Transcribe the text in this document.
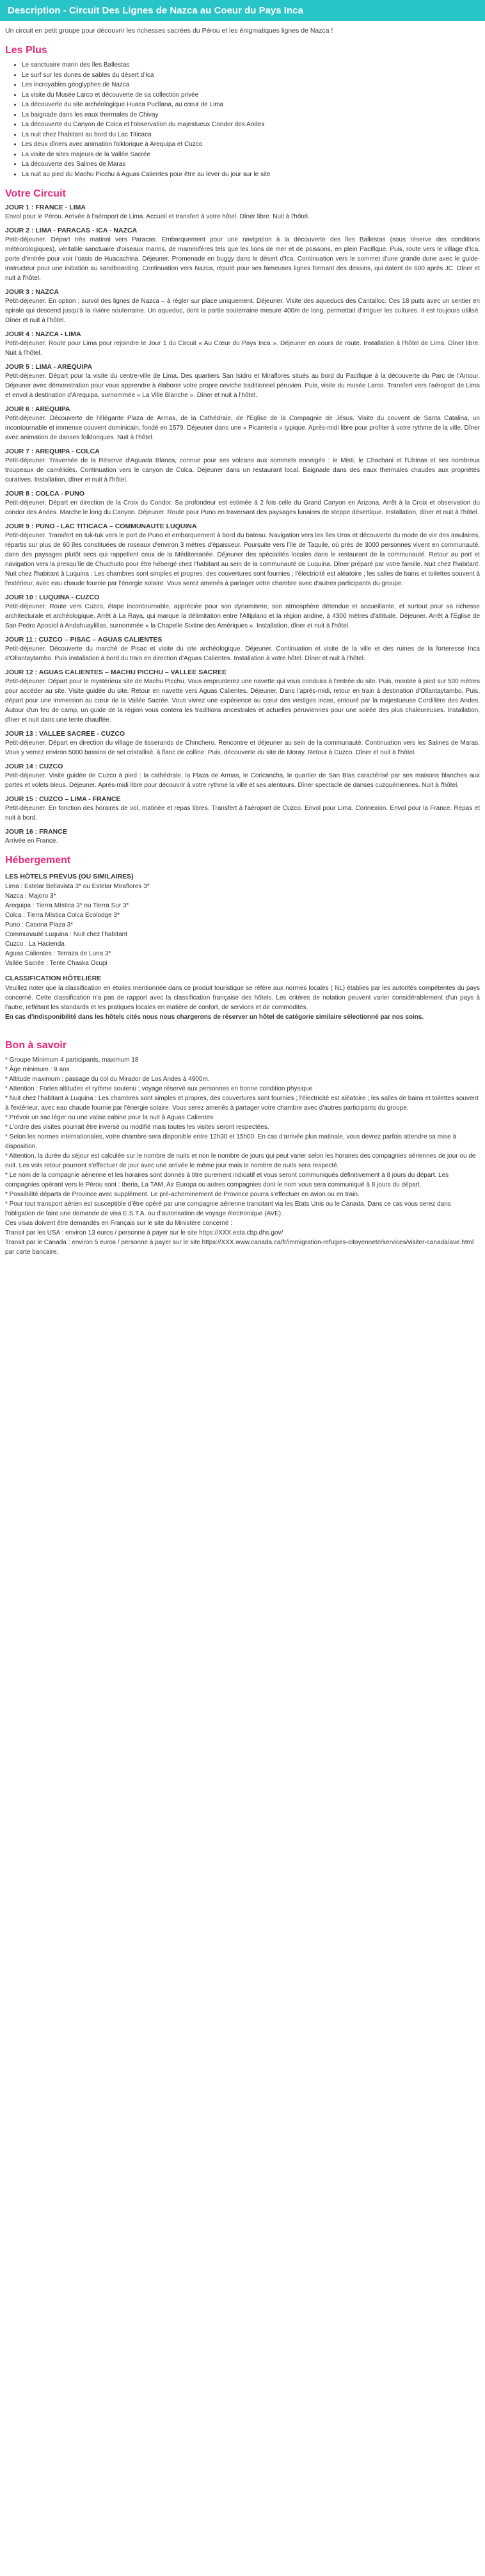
Description - Circuit Des Lignes de Nazca au Coeur du Pays Inca

Un circuit en petit groupe pour découvrir les richesses sacrées du Pérou et les énigmatiques lignes de Nazca !

Les Plus
• Le sanctuaire marin des îles Ballestas
• Le surf sur les dunes de sables du désert d'Ica
• Les incroyables géoglyphes de Nazca
• La visite du Musée Larco et découverte de sa collection privée
• La découverte du site archéologique Huaca Pucllana, au cœur de Lima
• La baignade dans les eaux thermales de Chivay
• La découverte du Canyon de Colca et l'observation du majestueux Condor des Andes
• La nuit chez l'habitant au bord du Lac Titicaca
• Les deux dîners avec animation folklorique à Arequipa et Cuzco
• La visite de sites majeurs de la Vallée Sacrée
• La découverte des Salines de Maras
• La nuit au pied du Machu Picchu à Aguas Calientes pour être au lever du jour sur le site
Votre Circuit
JOUR 1 : FRANCE - LIMA

Envol pour le Pérou. Arrivée à l'aéroport de Lima. Accueil et transfert à votre hôtel. Dîner libre. Nuit à l'hôtel.

JOUR 2 : LIMA - PARACAS - ICA - NAZCA

Petit-déjeuner. Départ très matinal vers Paracas. Embarquement pour une navigation à la découverte des îles Ballestas (sous réserve des conditions météorologiques), véritable sanctuaire d'oiseaux marins, de mammifères tels que les lions de mer et de poissons, en plein Pacifique. Puis, route vers le village d'Ica, porte d'entrée pour voir l'oasis de Huacachina. Déjeuner. Promenade en buggy dans le désert d'Ica. Continuation vers le sommet d'une grande dune avec le guide-instructeur pour une initiation au sandboarding. Continuation vers Nazca, réputé pour ses fameuses lignes formant des dessins, qui datent de 600 après JC. Dîner et nuit à l'hôtel.

JOUR 3 : NAZCA

Petit-déjeuner. En option : survol des lignes de Nazca – à régler sur place uniquement. Déjeuner. Visite des aqueducs des Cantalloc. Ces 18 puits avec un sentier en spirale qui descend jusqu'à la rivière souterraine. Un aqueduc, dont la partie souterraine mesure 400m de long, permettait d'irriguer les cultures. Il est toujours utilisé. Dîner et nuit à l'hôtel.

JOUR 4 : NAZCA - LIMA

Petit-déjeuner. Route pour Lima pour rejoindre le Jour 1 du Circuit « Au Cœur du Pays Inca ». Déjeuner en cours de route. Installation à l'hôtel de Lima. Dîner libre. Nuit à l'hôtel.

JOUR 5 : LIMA - AREQUIPA

Petit-déjeuner. Départ pour la visite du centre-ville de Lima. Des quartiers San Isidro et Miraflores situés au bord du Pacifique à la découverte du Parc de l'Amour. Déjeuner avec démonstration pour vous apprendre à élaborer votre propre ceviche traditionnel péruvien. Puis, visite du musée Larco. Transfert vers l'aéroport de Lima et envol à destination d'Arequipa, surnommée « La Ville Blanche ». Dîner et nuit à l'hôtel.

JOUR 6 : AREQUIPA

Petit-déjeuner. Découverte de l'élégante Plaza de Armas, de la Cathédrale, de l'Eglise de la Compagnie de Jésus. Visite du couvent de Santa Catalina, un incontournable et immense couvent dominicain, fondé en 1579. Déjeuner dans une « Picantería » typique. Après-midi libre pour profiter à votre rythme de la ville. Dîner avec animation de danses folkloriques. Nuit à l'hôtel.

JOUR 7 : AREQUIPA - COLCA

Petit-déjeuner. Traversée de la Réserve d'Aguada Blanca, connue pour ses volcans aux sommets enneigés : le Misti, le Chachani et l'Ubinas et ses nombreux troupeaux de camélidés. Continuation vers le canyon de Colca. Déjeuner dans un restaurant local. Baignade dans des eaux thermales chaudes aux propriétés curatives. Installation, dîner et nuit à l'hôtel.

JOUR 8 : COLCA - PUNO

Petit-déjeuner. Départ en direction de la Croix du Condor. Sa profondeur est estimée à 2 fois celle du Grand Canyon en Arizona. Arrêt à la Croix et observation du condor des Andes. Marche le long du Canyon. Déjeuner. Route pour Puno en traversant des paysages lunaires de steppe désertique. Installation, dîner et nuit à l'hôtel.

JOUR 9 : PUNO - LAC TITICACA – COMMUNAUTE LUQUINA

Petit-déjeuner. Transfert en tuk-tuk vers le port de Puno et embarquement à bord du bateau. Navigation vers les îles Uros et découverte du mode de vie des insulaires, répartis sur plus de 60 îles constituées de roseaux d'environ 3 mètres d'épaisseur. Poursuite vers l'île de Taquile, où près de 3000 personnes vivent en communauté, dans des paysages plutôt secs qui rappellent ceux de la Méditerranée. Déjeuner des spécialités locales dans le restaurant de la communauté. Retour au port et navigation vers la presqu'île de Chuchuito pour être hébergé chez l'habitant au sein de la communauté de Luquina. Dîner préparé par votre famille. Nuit chez l'habitant. Nuit chez l'habitant à Luquina : Les chambres sont simples et propres, des couvertures sont fournies ; l'électricité est aléatoire ; les salles de bains et toilettes souvent à l'extérieur, avec eau chaude fournie par l'énergie solaire. Vous serez amenés à partager votre chambre avec d'autres participants du groupe.

JOUR 10 : LUQUINA - CUZCO

Petit-déjeuner. Route vers Cuzco, étape incontournable, appréciée pour son dynamisme, son atmosphère détendue et accueillante, et surtout pour sa richesse architecturale et archéologique. Arrêt à La Raya, qui marque la délimitation entre l'Altiplano et la région andine, à 4300 mètres d'altitude. Déjeuner. Arrêt à l'Eglise de San Pedro Apostol à Andahuaylillas, surnommée « la Chapelle Sixtine des Amériques ». Installation, dîner et nuit à l'hôtel.

JOUR 11 : CUZCO – PISAC – AGUAS CALIENTES

Petit-déjeuner. Découverte du marché de Pisac et visite du site archéologique. Déjeuner. Continuation et visite de la ville et des ruines de la forteresse Inca d'Ollantaytambo. Puis installation à bord du train en direction d'Aguas Calientes. Installation à votre hôtel. Dîner et nuit à l'hôtel.

JOUR 12 : AGUAS CALIENTES – MACHU PICCHU – VALLEE SACREE

Petit-déjeuner. Départ pour le mystérieux site de Machu Picchu. Vous emprunterez une navette qui vous conduira à l'entrée du site. Puis, montée à pied sur 500 mètres pour accéder au site. Visite guidée du site. Retour en navette vers Aguas Calientes. Déjeuner. Dans l'après-midi, retour en train à destination d'Ollantaytambo. Puis, départ pour une immersion au cœur de la Vallée Sacrée. Vous vivrez une expérience au cœur des vestiges incas, entouré par la majestueuse Cordillère des Andes. Autour d'un feu de camp, un guide de la région vous contera les traditions ancestrales et actuelles péruviennes pour une soirée des plus chaleureuses. Installation, dîner et nuit dans une tente chauffée.

JOUR 13 : VALLEE SACREE - CUZCO

Petit-déjeuner. Départ en direction du village de tisserands de Chinchero. Rencontre et déjeuner au sein de la communauté. Continuation vers les Salines de Maras. Vous y verrez environ 5000 bassins de sel cristallisé, à flanc de colline. Puis, découverte du site de Moray. Retour à Cuzco. Dîner et nuit à l'hôtel.

JOUR 14 : CUZCO

Petit-déjeuner. Visite guidée de Cuzco à pied : la cathédrale, la Plaza de Armas, le Coricancha, le quartier de San Blas caractérisé par ses maisons blanches aux portes et volets bleus. Déjeuner. Après-midi libre pour découvrir à votre rythme la ville et ses alentours. Dîner spectacle de danses cuzquéniennes. Nuit à l'hôtel.

JOUR 15 : CUZCO – LIMA - FRANCE

Petit-déjeuner. En fonction des horaires de vol, matinée et repas libres. Transfert à l'aéroport de Cuzco. Envol pour Lima. Connexion. Envol pour la France. Repas et nuit à bord.

JOUR 16 : FRANCE

Arrivée en France.

Hébergement
LES HÔTELS PRÉVUS (OU SIMILAIRES)
Lima : Estelar Bellavista 3* ou Estelar Miraflores 3*
Nazca : Majoro 3*
Arequipa : Tierra Mística 3* ou Tierra Sur 3*
Colca : Tierra Mística Colca Ecolodge 3*
Puno : Casona Plaza 3*
Communauté Luquina : Nuit chez l'habitant
Cuzco : La Hacienda
Aguas Calientes : Terraza de Luna 3*
Vallée Sacrée : Tente Chaska Ocupi
CLASSIFICATION HÔTELIÈRE

Veuillez noter que la classification en étoiles mentionnée dans ce produit touristique se réfère aux normes locales ( NL) établies par les autorités compétentes du pays concerné. Cette classification n'a pas de rapport avec la classification française des hôtels. Les critères de notation peuvent varier considérablement d'un pays à l'autre, reflétant les standards et les pratiques locales en matière de confort, de services et de commodités.

En cas d'indisponibilité dans les hôtels cités nous nous chargerons de réserver un hôtel de catégorie similaire sélectionné par nos soins.

Bon à savoir
* Groupe Minimum 4 participants, maximum 18
* Âge minimum : 9 ans
* Altitude maximum : passage du col du Mirador de Los Andes à 4900m.
* Attention : Fortes altitudes et rythme soutenu ; voyage réservé aux personnes en bonne condition physique
* Nuit chez l'habitant à Luquina : Les chambres sont simples et propres, des couvertures sont fournies ; l'électricité est aléatoire ; les salles de bains et toilettes souvent à l'extérieur, avec eau chaude fournie par l'énergie solaire. Vous serez amenés à partager votre chambre avec d'autres participants du groupe.
* Prévoir un sac léger ou une valise cabine pour la nuit à Aguas Calientes
* L'ordre des visites pourrait être inversé ou modifié mais toutes les visites seront respectées.
* Selon les normes internationales, votre chambre sera disponible entre 12h30 et 15h00. En cas d'arrivée plus matinale, vous devrez parfois attendre sa mise à disposition.
* Attention, la durée du séjour est calculée sur le nombre de nuits et non le nombre de jours qui peut varier selon les horaires des compagnies aériennes de jour ou de nuit. Les vols retour pourront s'effectuer de jour avec une arrivée le même jour mais le nombre de nuits sera respecté.
* Le nom de la compagnie aérienne et les horaires sont donnés à titre purement indicatif et vous seront communiqués définitivement à 8 jours du départ. Les compagnies opérant vers le Pérou sont : Iberia, La TAM, Air Europa ou autres compagnies dont le nom vous sera communiqué à 8 jours du départ.
* Possibilité départs de Province avec supplément. Le pré-acheminement de Province pourra s'effectuer en avion ou en train.
* Pour tout transport aérien est susceptible d'être opéré par une compagnie aérienne transitant via les Etats Unis ou le Canada. Dans ce cas vous serez dans l'obligation de faire une demande de visa E.S.T.A. ou d'autorisation de voyage électronique (AVE).
Ces visas doivent être demandés en Français sur le site du Ministère concerné :
Transit par les USA : environ 13 euros / personne à payer sur le site https://XXX.esta.cbp.dhs.gov/
Transit par le Canada : environ 5 euros / personne à payer sur le site https://XXX.www.canada.ca/fr/immigration-refugies-citoyennete/services/visiter-canada/ave.html par carte bancaire.
